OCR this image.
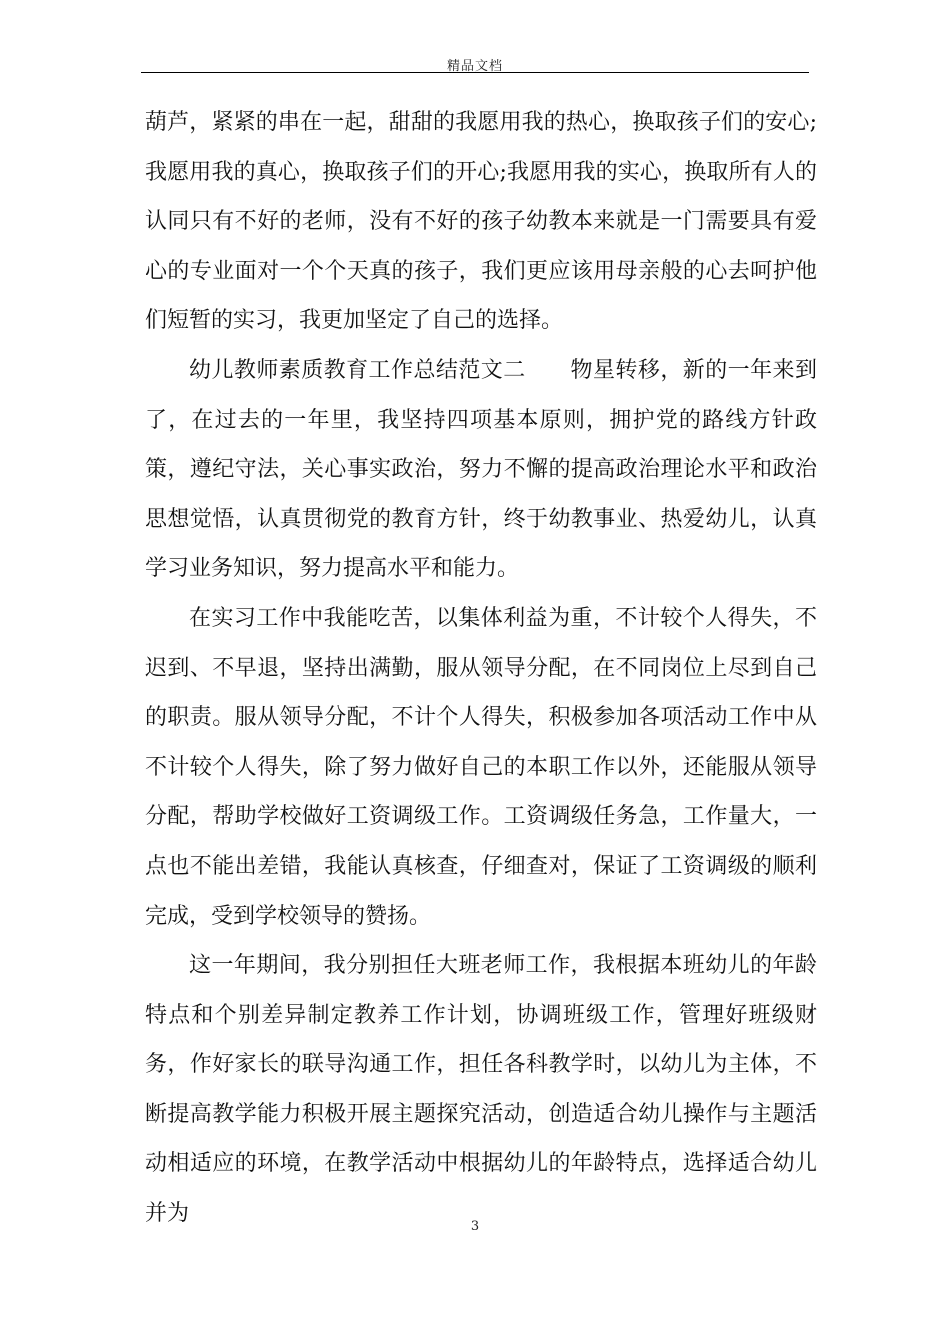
精品文档

葫芦，紧紧的串在一起，甜甜的我愿用我的热心，换取孩子们的安心;我愿用我的真心，换取孩子们的开心;我愿用我的实心，换取所有人的认同只有不好的老师，没有不好的孩子幼教本来就是一门需要具有爱心的专业面对一个个天真的孩子，我们更应该用母亲般的心去呵护他们短暂的实习，我更加坚定了自己的选择。

幼儿教师素质教育工作总结范文二　　物星转移，新的一年来到了，在过去的一年里，我坚持四项基本原则，拥护党的路线方针政策，遵纪守法，关心事实政治，努力不懈的提高政治理论水平和政治思想觉悟，认真贯彻党的教育方针，终于幼教事业、热爱幼儿，认真学习业务知识，努力提高水平和能力。

在实习工作中我能吃苦，以集体利益为重，不计较个人得失，不迟到、不早退，坚持出满勤，服从领导分配，在不同岗位上尽到自己的职责。服从领导分配，不计个人得失，积极参加各项活动工作中从不计较个人得失，除了努力做好自己的本职工作以外，还能服从领导分配，帮助学校做好工资调级工作。工资调级任务急，工作量大，一点也不能出差错，我能认真核查，仔细查对，保证了工资调级的顺利完成，受到学校领导的赞扬。

这一年期间，我分别担任大班老师工作，我根据本班幼儿的年龄特点和个别差异制定教养工作计划，协调班级工作，管理好班级财务，作好家长的联导沟通工作，担任各科教学时，以幼儿为主体，不断提高教学能力积极开展主题探究活动，创造适合幼儿操作与主题活动相适应的环境，在教学活动中根据幼儿的年龄特点，选择适合幼儿并为

3
